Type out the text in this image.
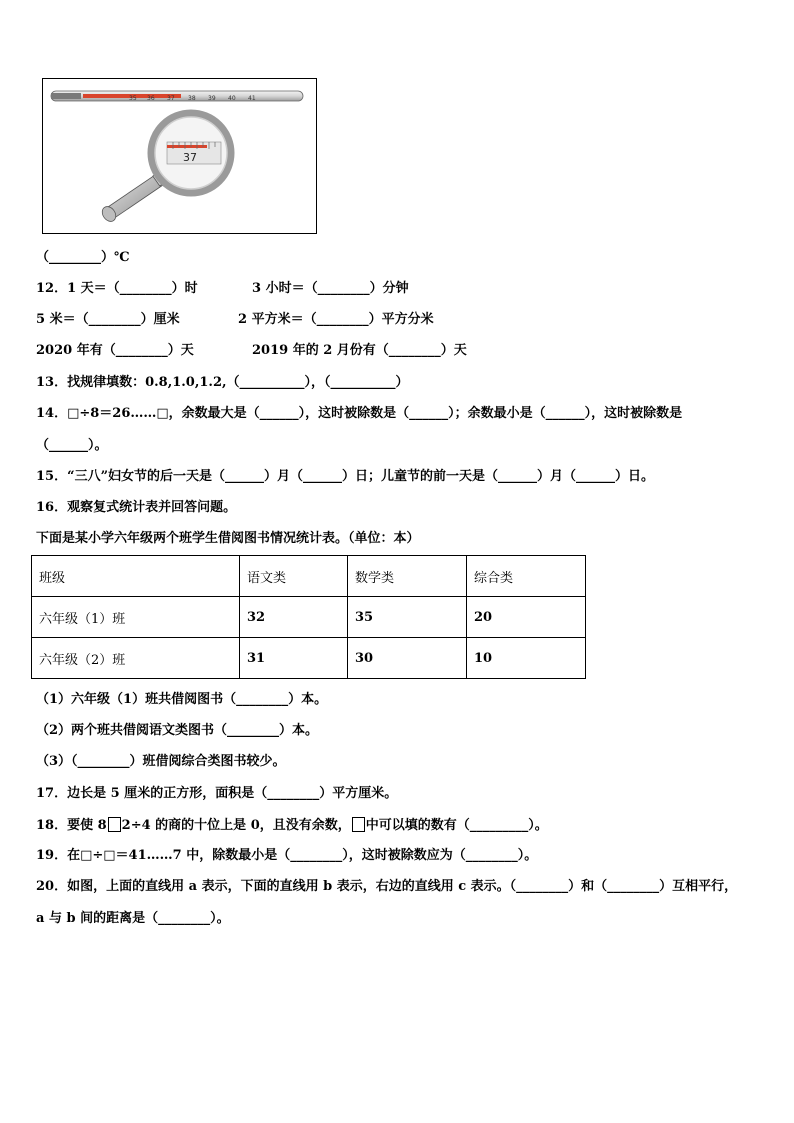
35 36 37 38 39 40 41
37
（________）℃
12．1 天＝（________）时	3 小时＝（________）分钟
5 米＝（________）厘米	2 平方米＝（________）平方分米
2020 年有（________）天	2019 年的 2 月份有（________）天
13．找规律填数：0.8,1.0,1.2,（__________），（__________）
14．□÷8＝26……□，余数最大是（______），这时被除数是（______）；余数最小是（______），这时被除数是
（______）。
15．“三八”妇女节的后一天是（______）月（______）日；儿童节的前一天是（______）月（______）日。
16．观察复式统计表并回答问题。
下面是某小学六年级两个班学生借阅图书情况统计表。（单位：本）
班级	语文类	数学类	综合类
六年级（1）班	32	35	20
六年级（2）班	31	30	10
（1）六年级（1）班共借阅图书（________）本。
（2）两个班共借阅语文类图书（________）本。
（3）（________）班借阅综合类图书较少。
17．边长是 5 厘米的正方形，面积是（________）平方厘米。
18．要使 8 2÷4 的商的十位上是 0，且没有余数， 中可以填的数有（_________）。
19．在□÷□＝41……7 中，除数最小是（________），这时被除数应为（________）。
20．如图，上面的直线用 a 表示，下面的直线用 b 表示，右边的直线用 c 表示。（________）和（________）互相平行，
a 与 b 间的距离是（________）。
